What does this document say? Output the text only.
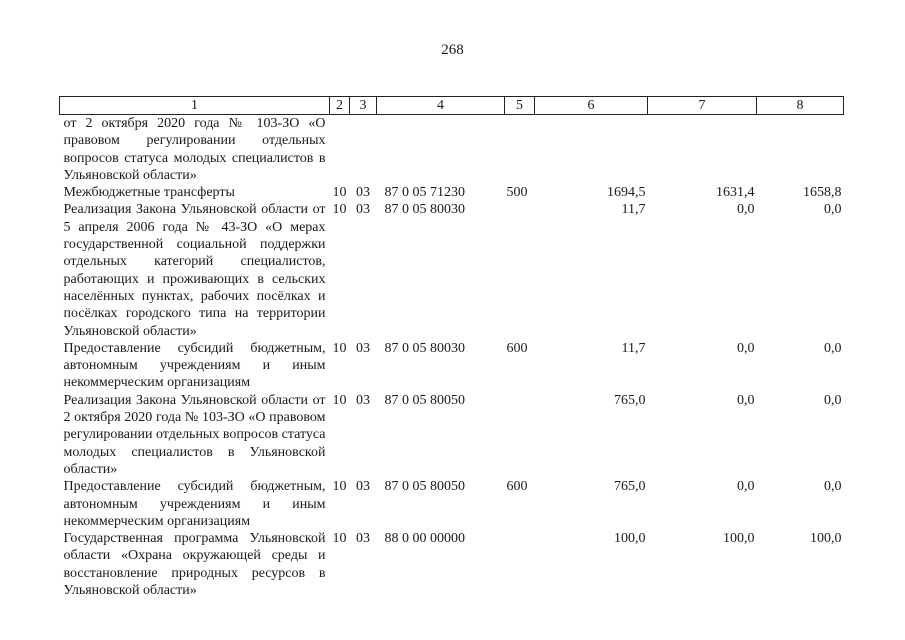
268
1	2	3	4	5	6	7	8
от 2 октября 2020 года № 103-ЗО «О правовом регулировании отдельных вопросов статуса молодых специалистов в Ульяновской области»							
Межбюджетные трансферты	10	03	87 0 05 71230	500	1694,5	1631,4	1658,8
Реализация Закона Ульяновской области от 5 апреля 2006 года № 43-ЗО «О мерах государственной социальной поддержки отдельных категорий специалистов, работающих и проживающих в сельских населённых пунктах, рабочих посёлках и посёлках городского типа на территории Ульяновской области»	10	03	87 0 05 80030		11,7	0,0	0,0
Предоставление субсидий бюджетным, автономным учреждениям и иным некоммерческим организациям	10	03	87 0 05 80030	600	11,7	0,0	0,0
Реализация Закона Ульяновской области от 2 октября 2020 года № 103-ЗО «О правовом регулировании отдельных вопросов статуса молодых специалистов в Ульяновской области»	10	03	87 0 05 80050		765,0	0,0	0,0
Предоставление субсидий бюджетным, автономным учреждениям и иным некоммерческим организациям	10	03	87 0 05 80050	600	765,0	0,0	0,0
Государственная программа Ульяновской области «Охрана окружающей среды и восстановление природных ресурсов в Ульяновской области»	10	03	88 0 00 00000		100,0	100,0	100,0
